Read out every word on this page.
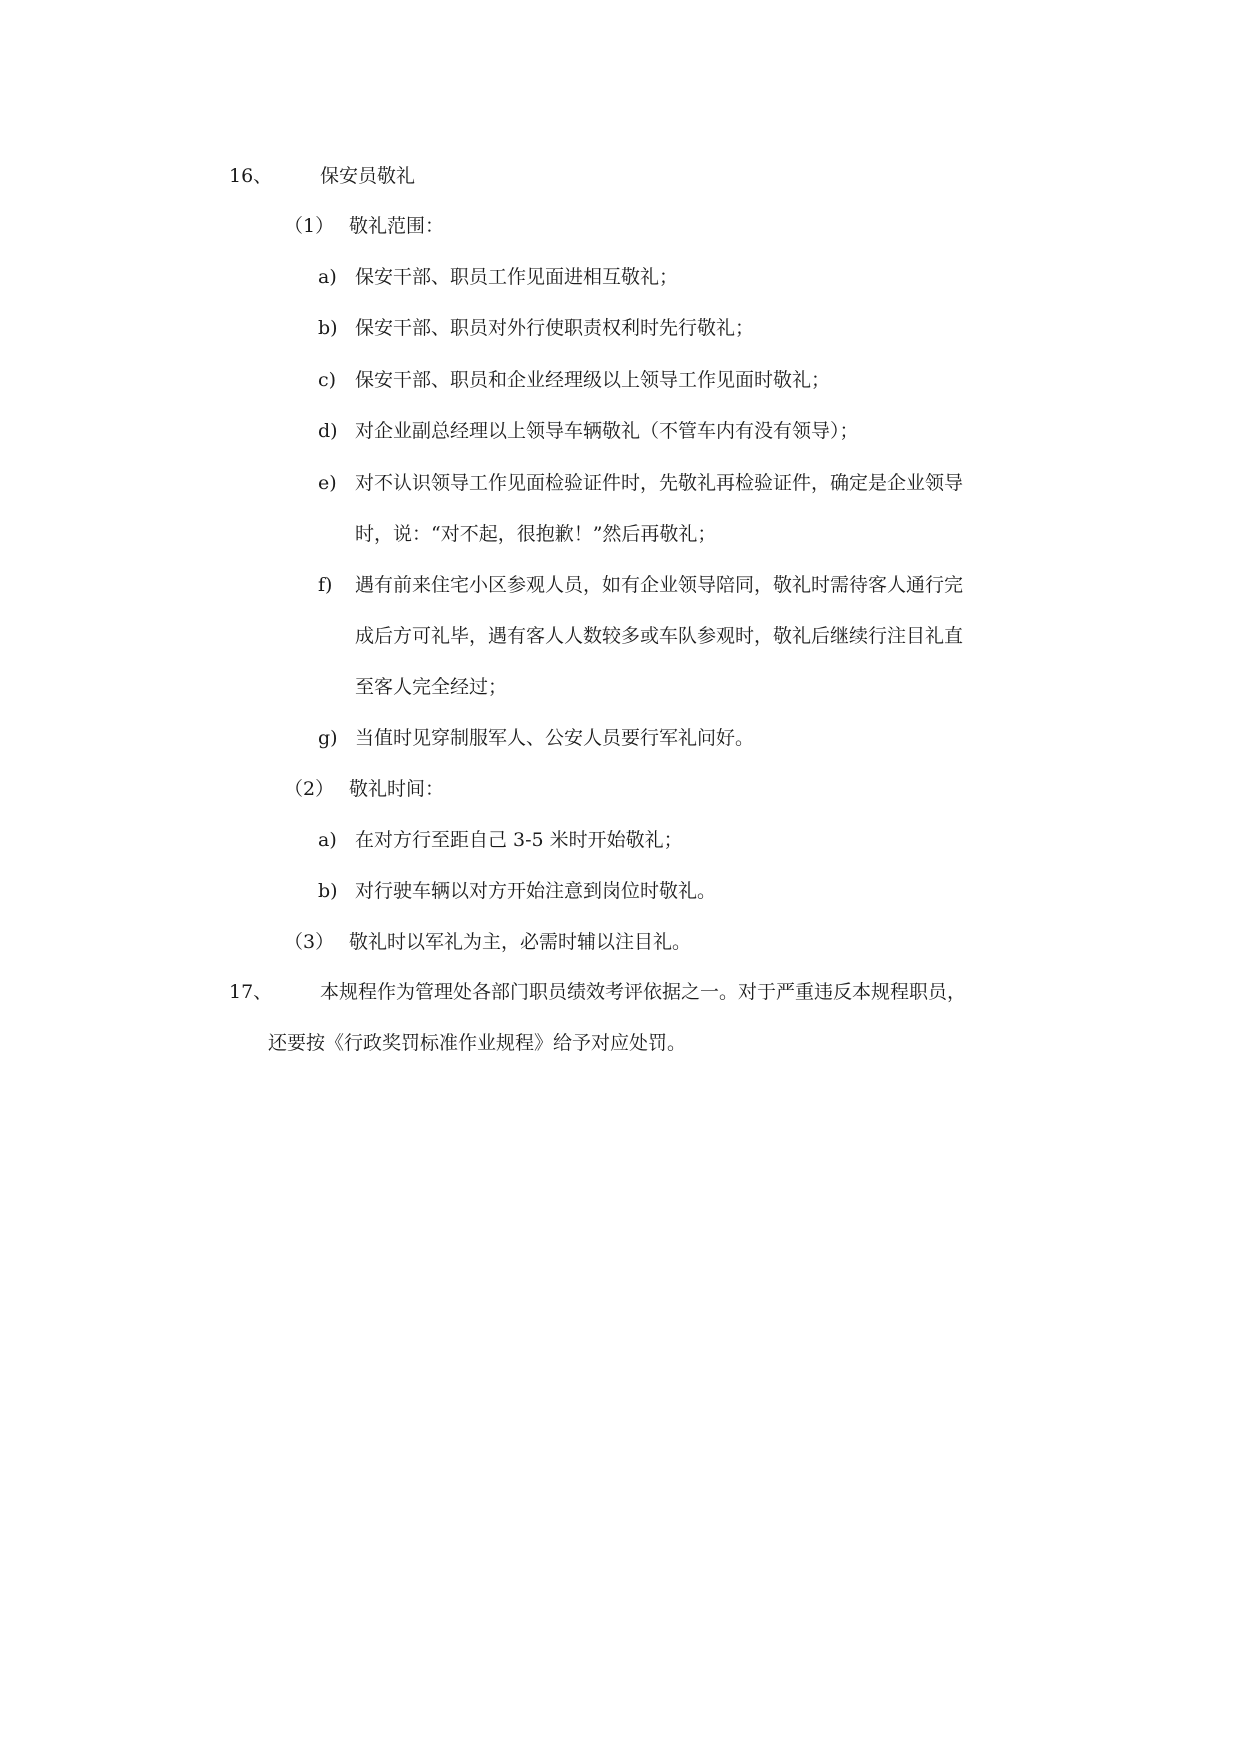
16、	保安员敬礼
（1） 敬礼范围：
a) 保安干部、职员工作见面进相互敬礼；
b) 保安干部、职员对外行使职责权利时先行敬礼；
c) 保安干部、职员和企业经理级以上领导工作见面时敬礼；
d) 对企业副总经理以上领导车辆敬礼（不管车内有没有领导）；
e) 对不认识领导工作见面检验证件时，先敬礼再检验证件，确定是企业领导
时，说：“对不起，很抱歉！”然后再敬礼；
f) 遇有前来住宅小区参观人员，如有企业领导陪同，敬礼时需待客人通行完
成后方可礼毕，遇有客人人数较多或车队参观时，敬礼后继续行注目礼直
至客人完全经过；
g) 当值时见穿制服军人、公安人员要行军礼问好。
（2） 敬礼时间：
a) 在对方行至距自己 3-5 米时开始敬礼；
b) 对行驶车辆以对方开始注意到岗位时敬礼。
（3） 敬礼时以军礼为主，必需时辅以注目礼。
17、	本规程作为管理处各部门职员绩效考评依据之一。对于严重违反本规程职员，
还要按《行政奖罚标准作业规程》给予对应处罚。
